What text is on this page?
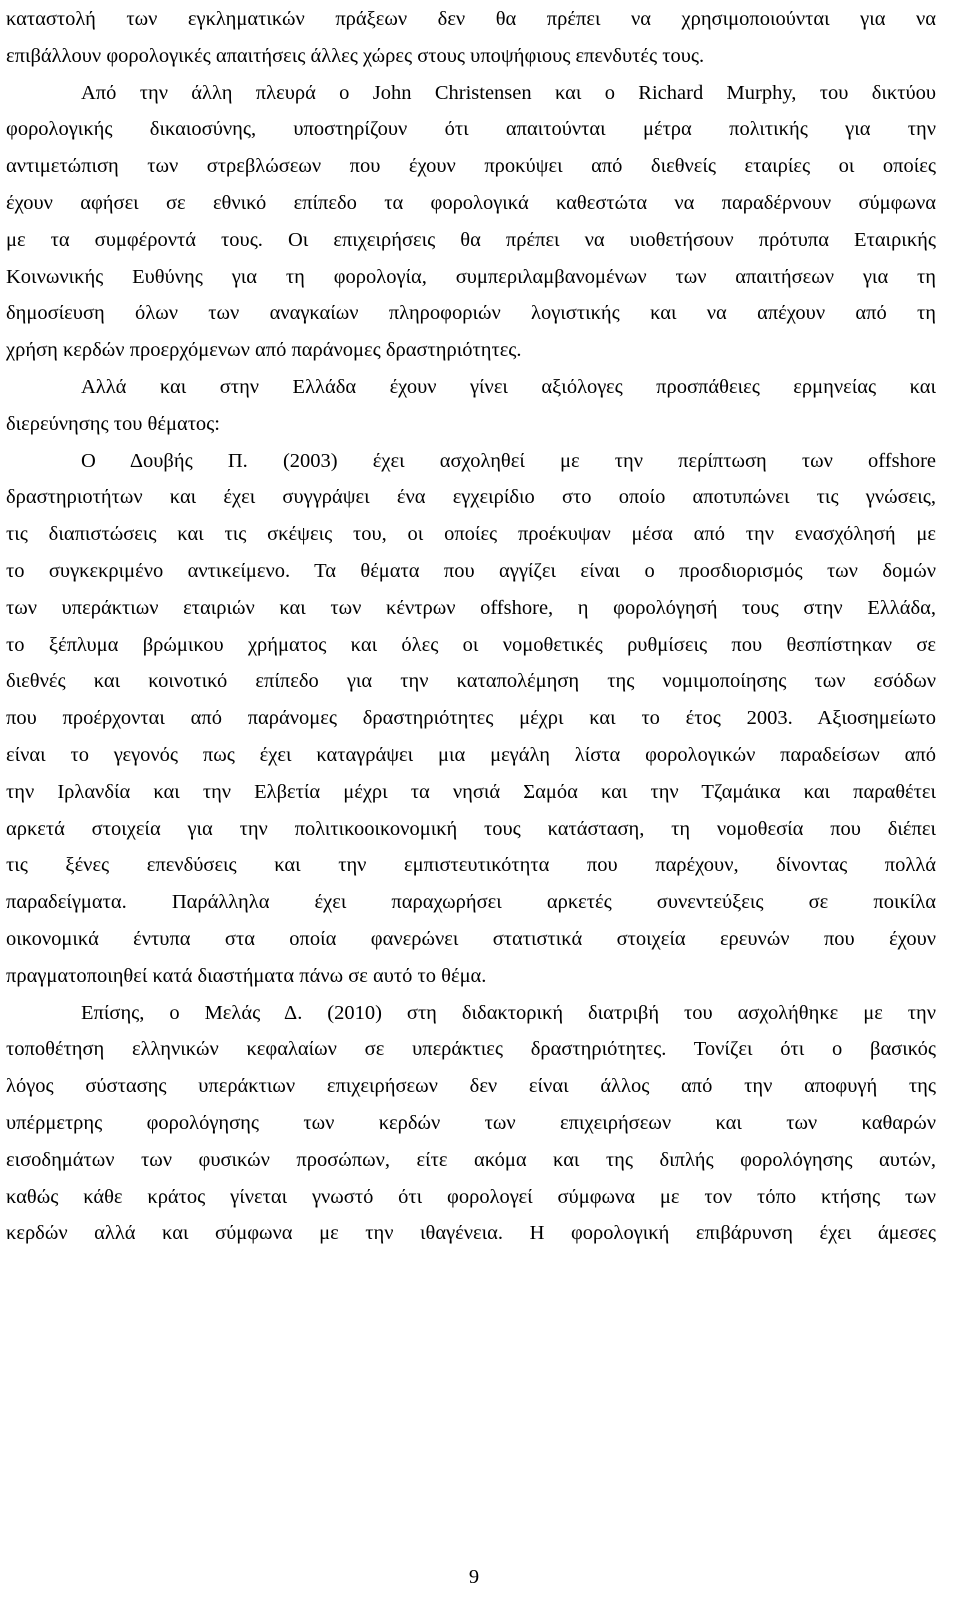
καταστολή των εγκληματικών πράξεων δεν θα πρέπει να χρησιμοποιούνται για να
επιβάλλουν φορολογικές απαιτήσεις άλλες χώρες στους υποψήφιους επενδυτές τους.
Από την άλλη πλευρά ο John Christensen και ο Richard Murphy, του δικτύου
φορολογικής δικαιοσύνης, υποστηρίζουν ότι απαιτούνται μέτρα πολιτικής για την
αντιμετώπιση των στρεβλώσεων που έχουν προκύψει από διεθνείς εταιρίες οι οποίες
έχουν αφήσει σε εθνικό επίπεδο τα φορολογικά καθεστώτα να παραδέρνουν σύμφωνα
με τα συμφέροντά τους. Οι επιχειρήσεις θα πρέπει να υιοθετήσουν πρότυπα Εταιρικής
Κοινωνικής Ευθύνης για τη φορολογία, συμπεριλαμβανομένων των απαιτήσεων για τη
δημοσίευση όλων των αναγκαίων πληροφοριών λογιστικής και να απέχουν από τη
χρήση κερδών προερχόμενων από παράνομες δραστηριότητες.
Αλλά και στην Ελλάδα έχουν γίνει αξιόλογες προσπάθειες ερμηνείας και
διερεύνησης του θέματος:
Ο Δουβής Π. (2003) έχει ασχοληθεί με την περίπτωση των offshore
δραστηριοτήτων και έχει συγγράψει ένα εγχειρίδιο στο οποίο αποτυπώνει τις γνώσεις,
τις διαπιστώσεις και τις σκέψεις του, οι οποίες προέκυψαν μέσα από την ενασχόλησή με
το συγκεκριμένο αντικείμενο. Τα θέματα που αγγίζει είναι ο προσδιορισμός των δομών
των υπεράκτιων εταιριών και των κέντρων offshore, η φορολόγησή τους στην Ελλάδα,
το ξέπλυμα βρώμικου χρήματος και όλες οι νομοθετικές ρυθμίσεις που θεσπίστηκαν σε
διεθνές και κοινοτικό επίπεδο για την καταπολέμηση της νομιμοποίησης των εσόδων
που προέρχονται από παράνομες δραστηριότητες μέχρι και το έτος 2003. Αξιοσημείωτο
είναι το γεγονός πως έχει καταγράψει μια μεγάλη λίστα φορολογικών παραδείσων από
την Ιρλανδία και την Ελβετία μέχρι τα νησιά Σαμόα και την Τζαμάικα και παραθέτει
αρκετά στοιχεία για την πολιτικοοικονομική τους κατάσταση, τη νομοθεσία που διέπει
τις ξένες επενδύσεις και την εμπιστευτικότητα που παρέχουν, δίνοντας πολλά
παραδείγματα. Παράλληλα έχει παραχωρήσει αρκετές συνεντεύξεις σε ποικίλα
οικονομικά έντυπα στα οποία φανερώνει στατιστικά στοιχεία ερευνών που έχουν
πραγματοποιηθεί κατά διαστήματα πάνω σε αυτό το θέμα.
Επίσης, ο Μελάς Δ. (2010) στη διδακτορική διατριβή του ασχολήθηκε με την
τοποθέτηση ελληνικών κεφαλαίων σε υπεράκτιες δραστηριότητες. Τονίζει ότι ο βασικός
λόγος σύστασης υπεράκτιων επιχειρήσεων δεν είναι άλλος από την αποφυγή της
υπέρμετρης φορολόγησης των κερδών των επιχειρήσεων και των καθαρών
εισοδημάτων των φυσικών προσώπων, είτε ακόμα και της διπλής φορολόγησης αυτών,
καθώς κάθε κράτος γίνεται γνωστό ότι φορολογεί σύμφωνα με τον τόπο κτήσης των
κερδών αλλά και σύμφωνα με την ιθαγένεια. Η φορολογική επιβάρυνση έχει άμεσες
9
